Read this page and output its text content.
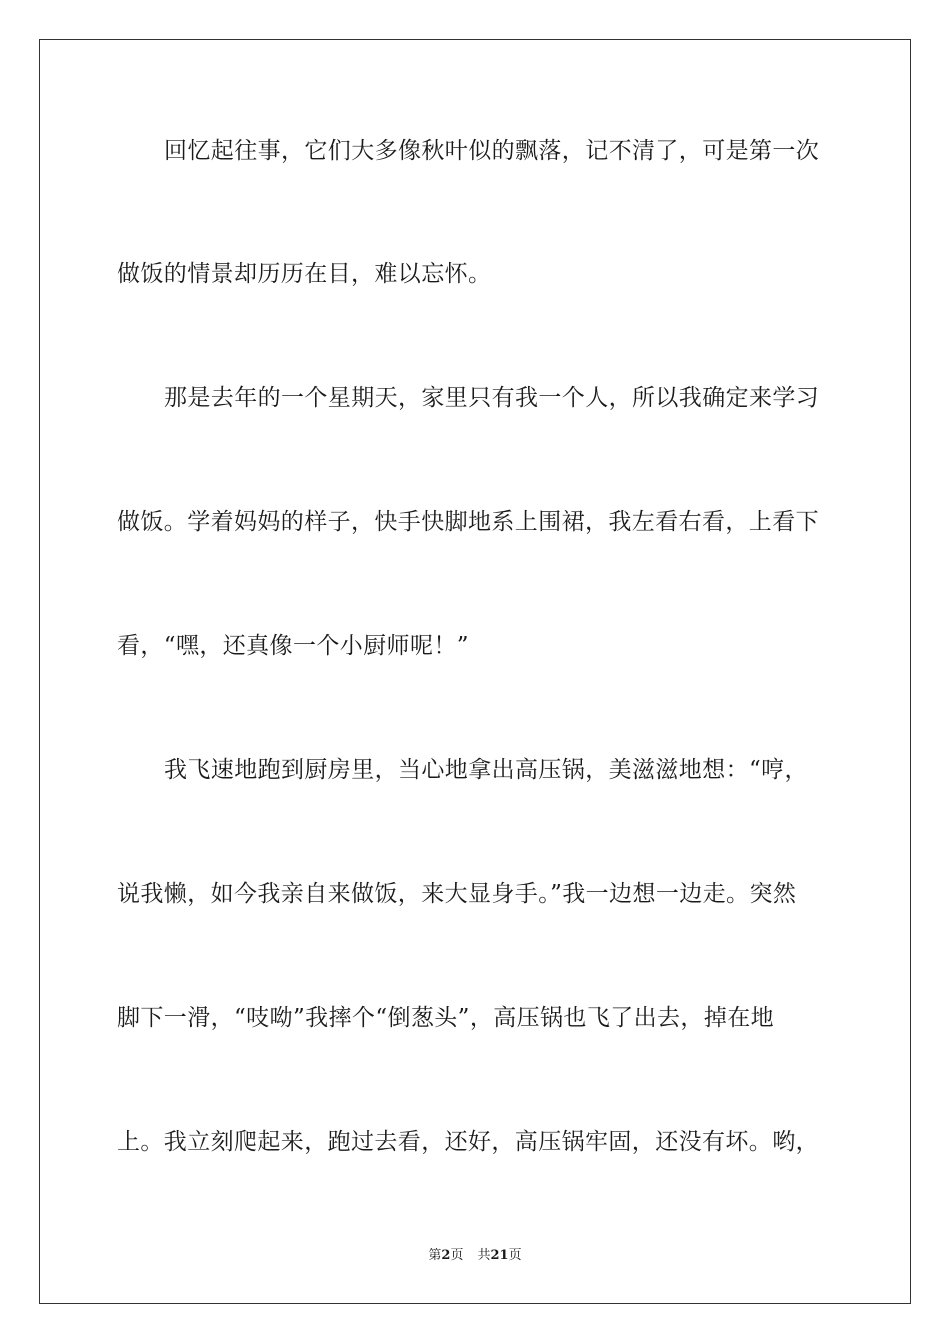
回忆起往事，它们大多像秋叶似的飘落，记不清了，可是第一次
做饭的情景却历历在目，难以忘怀。
那是去年的一个星期天，家里只有我一个人，所以我确定来学习
做饭。学着妈妈的样子，快手快脚地系上围裙，我左看右看，上看下
看，“嘿，还真像一个小厨师呢！”
我飞速地跑到厨房里，当心地拿出高压锅，美滋滋地想：“哼，
说我懒，如今我亲自来做饭，来大显身手。”我一边想一边走。突然
脚下一滑，“吱呦”我摔个“倒葱头”，高压锅也飞了出去，掉在地
上。我立刻爬起来，跑过去看，还好，高压锅牢固，还没有坏。哟，
第2页 共21页
